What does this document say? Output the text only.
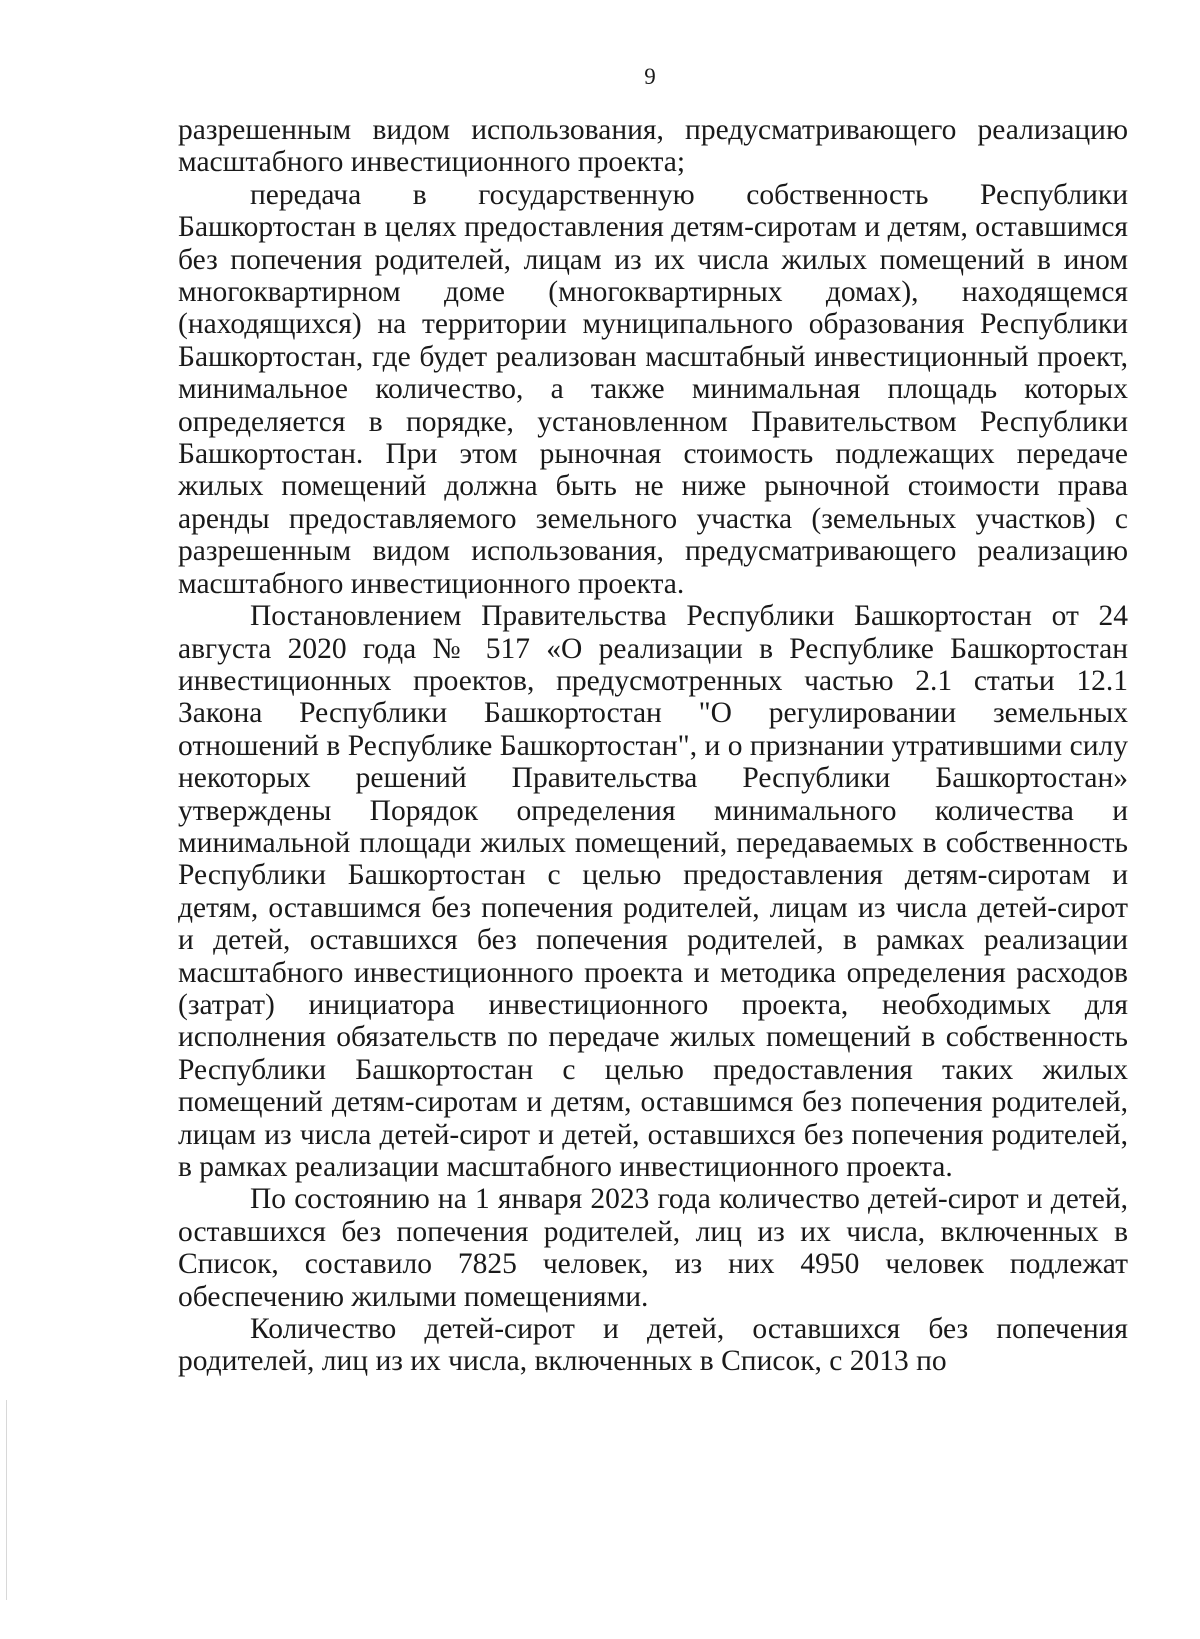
9

разрешенным видом использования, предусматривающего реализацию масштабного инвестиционного проекта;

передача в государственную собственность Республики Башкортостан в целях предоставления детям-сиротам и детям, оставшимся без попечения родителей, лицам из их числа жилых помещений в ином многоквартирном доме (многоквартирных домах), находящемся (находящихся) на территории муниципального образования Республики Башкортостан, где будет реализован масштабный инвестиционный проект, минимальное количество, а также минимальная площадь которых определяется в порядке, установленном Правительством Республики Башкортостан. При этом рыночная стоимость подлежащих передаче жилых помещений должна быть не ниже рыночной стоимости права аренды предоставляемого земельного участка (земельных участков) с разрешенным видом использования, предусматривающего реализацию масштабного инвестиционного проекта.

Постановлением Правительства Республики Башкортостан от 24 августа 2020 года № 517 «О реализации в Республике Башкортостан инвестиционных проектов, предусмотренных частью 2.1 статьи 12.1 Закона Республики Башкортостан "О регулировании земельных отношений в Республике Башкортостан", и о признании утратившими силу некоторых решений Правительства Республики Башкортостан» утверждены Порядок определения минимального количества и минимальной площади жилых помещений, передаваемых в собственность Республики Башкортостан с целью предоставления детям-сиротам и детям, оставшимся без попечения родителей, лицам из числа детей-сирот и детей, оставшихся без попечения родителей, в рамках реализации масштабного инвестиционного проекта и методика определения расходов (затрат) инициатора инвестиционного проекта, необходимых для исполнения обязательств по передаче жилых помещений в собственность Республики Башкортостан с целью предоставления таких жилых помещений детям-сиротам и детям, оставшимся без попечения родителей, лицам из числа детей-сирот и детей, оставшихся без попечения родителей, в рамках реализации масштабного инвестиционного проекта.

По состоянию на 1 января 2023 года количество детей-сирот и детей, оставшихся без попечения родителей, лиц из их числа, включенных в Список, составило 7825 человек, из них 4950 человек подлежат обеспечению жилыми помещениями.

Количество детей-сирот и детей, оставшихся без попечения родителей, лиц из их числа, включенных в Список, с 2013 по
